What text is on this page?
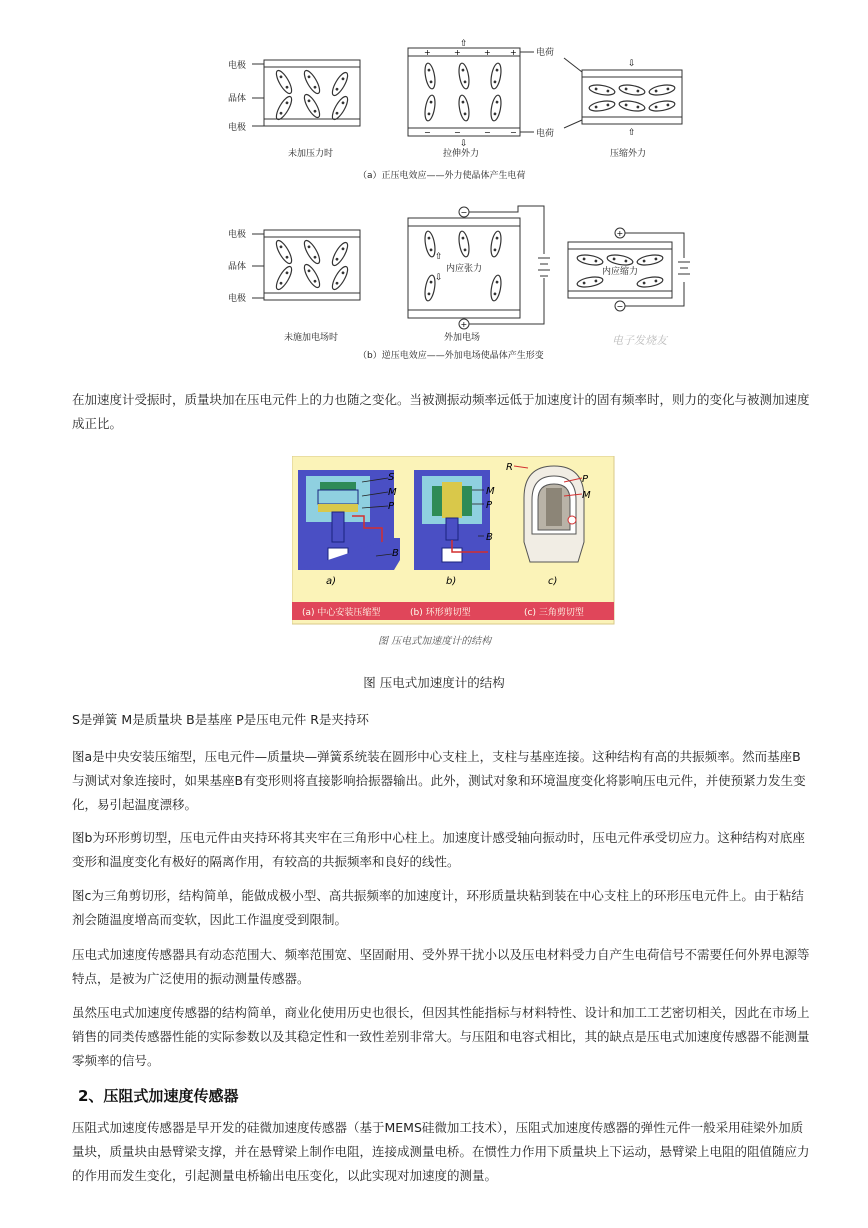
电极
晶体
电极
+	+	+ +
−	−	− −
⇧
⇩
电荷
电荷
⇩
⇧
未加压力时	拉伸外力	压缩外力
（a）正压电效应——外力使晶体产生电荷
电极
晶体
电极
−
+
⇧
⇩
内应张力
+
−
内应缩力
未施加电场时	外加电场
（b）逆压电效应——外加电场使晶体产生形变
电子发烧友

在加速度计受振时，质量块加在压电元件上的力也随之变化。当被测振动频率远低于加速度计的固有频率时，则力的变化与被测加速度成正比。

S
M
P
B
M
P
B
R
P
M
a)	b)	c)
(a) 中心安装压缩型	(b) 环形剪切型	(c) 三角剪切型
图 压电式加速度计的结构
图 压电式加速度计的结构

S是弹簧 M是质量块 B是基座 P是压电元件 R是夹持环

图a是中央安装压缩型，压电元件—质量块—弹簧系统装在圆形中心支柱上，支柱与基座连接。这种结构有高的共振频率。然而基座B与测试对象连接时，如果基座B有变形则将直接影响拾振器输出。此外，测试对象和环境温度变化将影响压电元件，并使预紧力发生变化，易引起温度漂移。

图b为环形剪切型，压电元件由夹持环将其夹牢在三角形中心柱上。加速度计感受轴向振动时，压电元件承受切应力。这种结构对底座变形和温度变化有极好的隔离作用，有较高的共振频率和良好的线性。

图c为三角剪切形，结构简单，能做成极小型、高共振频率的加速度计，环形质量块粘到装在中心支柱上的环形压电元件上。由于粘结剂会随温度增高而变软，因此工作温度受到限制。

压电式加速度传感器具有动态范围大、频率范围宽、坚固耐用、受外界干扰小以及压电材料受力自产生电荷信号不需要任何外界电源等特点，是被为广泛使用的振动测量传感器。

虽然压电式加速度传感器的结构简单，商业化使用历史也很长，但因其性能指标与材料特性、设计和加工工艺密切相关，因此在市场上销售的同类传感器性能的实际参数以及其稳定性和一致性差别非常大。与压阻和电容式相比，其的缺点是压电式加速度传感器不能测量零频率的信号。

2、压阻式加速度传感器

压阻式加速度传感器是早开发的硅微加速度传感器（基于MEMS硅微加工技术），压阻式加速度传感器的弹性元件一般采用硅梁外加质量块，质量块由悬臂梁支撑，并在悬臂梁上制作电阻，连接成测量电桥。在惯性力作用下质量块上下运动，悬臂梁上电阻的阻值随应力的作用而发生变化，引起测量电桥输出电压变化，以此实现对加速度的测量。
